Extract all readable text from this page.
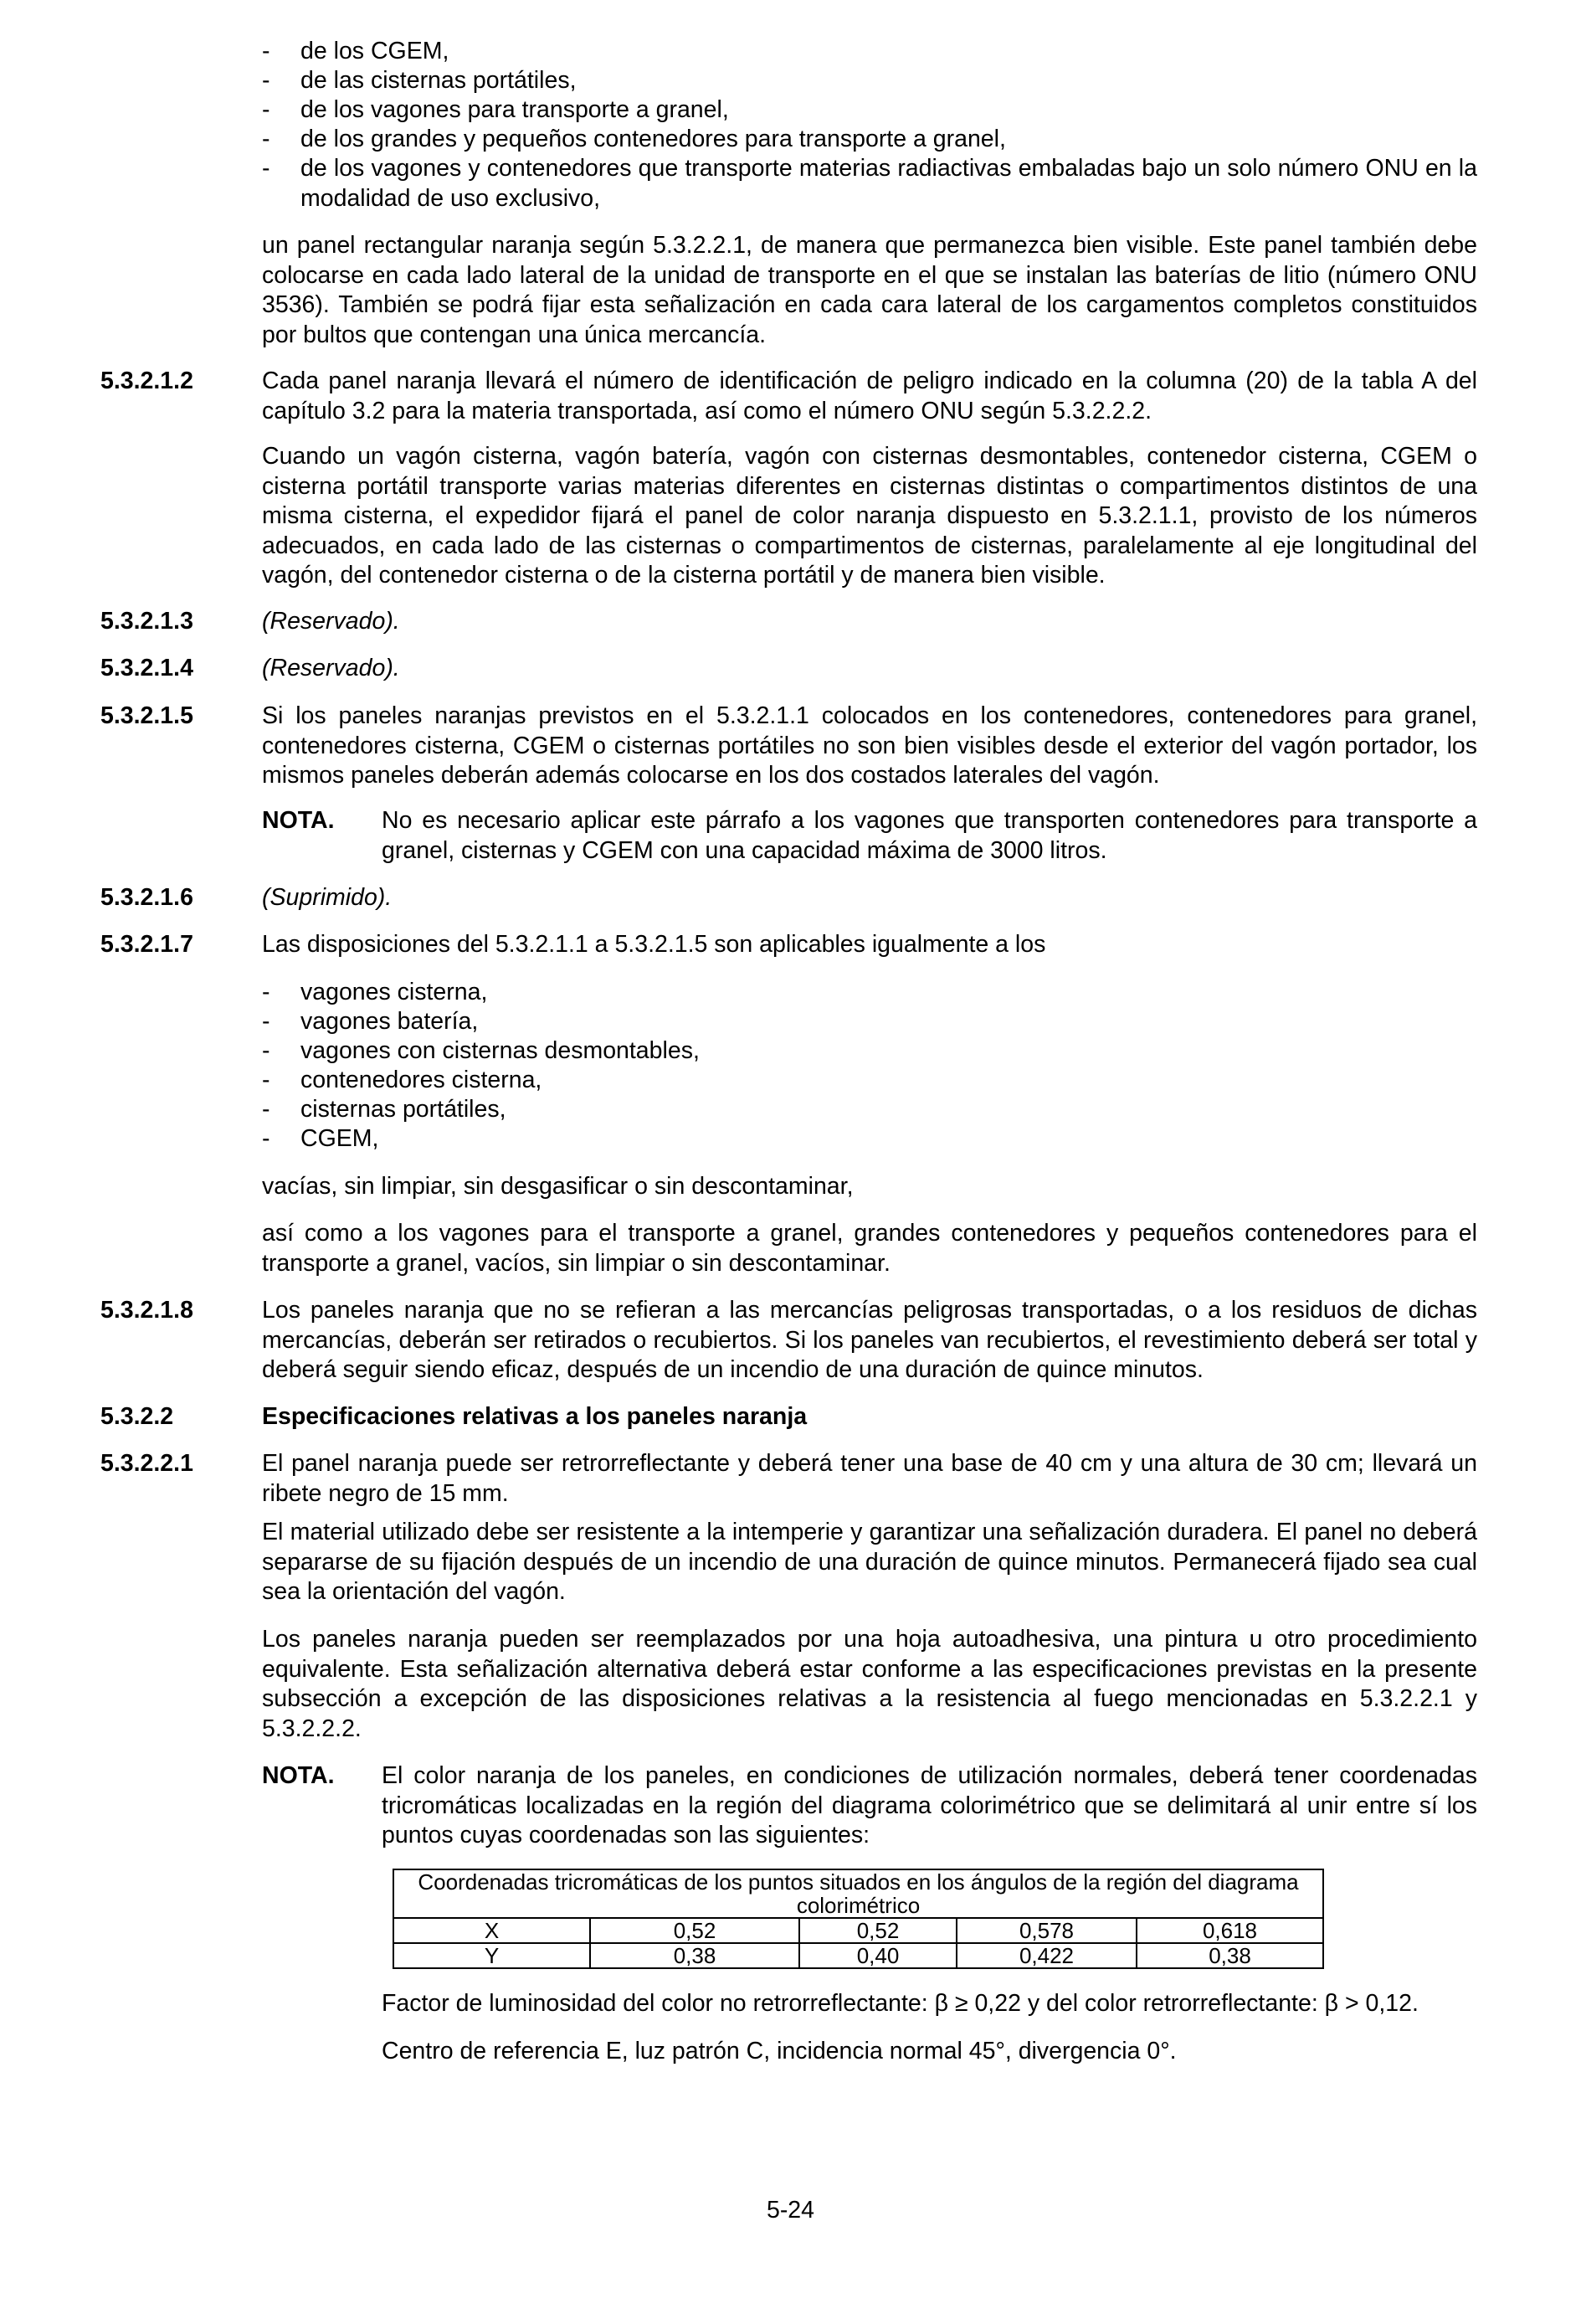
-	de los CGEM,
-	de las cisternas portátiles,
-	de los vagones para transporte a granel,
-	de los grandes y pequeños contenedores para transporte a granel,
-	de los vagones y contenedores que transporte materias radiactivas embaladas bajo un solo número ONU en la modalidad de uso exclusivo,

un panel rectangular naranja según 5.3.2.2.1, de manera que permanezca bien visible. Este panel también debe colocarse en cada lado lateral de la unidad de transporte en el que se instalan las baterías de litio (número ONU 3536). También se podrá fijar esta señalización en cada cara lateral de los cargamentos completos constituidos por bultos que contengan una única mercancía.

5.3.2.1.2	Cada panel naranja llevará el número de identificación de peligro indicado en la columna (20) de la tabla A del capítulo 3.2 para la materia transportada, así como el número ONU según 5.3.2.2.2.

Cuando un vagón cisterna, vagón batería, vagón con cisternas desmontables, contenedor cisterna, CGEM o cisterna portátil transporte varias materias diferentes en cisternas distintas o compartimentos distintos de una misma cisterna, el expedidor fijará el panel de color naranja dispuesto en 5.3.2.1.1, provisto de los números adecuados, en cada lado de las cisternas o compartimentos de cisternas, paralelamente al eje longitudinal del vagón, del contenedor cisterna o de la cisterna portátil y de manera bien visible.

5.3.2.1.3	(Reservado).
5.3.2.1.4	(Reservado).
5.3.2.1.5	Si los paneles naranjas previstos en el 5.3.2.1.1 colocados en los contenedores, contenedores para granel, contenedores cisterna, CGEM o cisternas portátiles no son bien visibles desde el exterior del vagón portador, los mismos paneles deberán además colocarse en los dos costados laterales del vagón.

NOTA. No es necesario aplicar este párrafo a los vagones que transporten contenedores para transporte a granel, cisternas y CGEM con una capacidad máxima de 3000 litros.

5.3.2.1.6	(Suprimido).
5.3.2.1.7	Las disposiciones del 5.3.2.1.1 a 5.3.2.1.5 son aplicables igualmente a los
-	vagones cisterna,
-	vagones batería,
-	vagones con cisternas desmontables,
-	contenedores cisterna,
-	cisternas portátiles,
-	CGEM,
vacías, sin limpiar, sin desgasificar o sin descontaminar,

así como a los vagones para el transporte a granel, grandes contenedores y pequeños contenedores para el transporte a granel, vacíos, sin limpiar o sin descontaminar.

5.3.2.1.8	Los paneles naranja que no se refieran a las mercancías peligrosas transportadas, o a los residuos de dichas mercancías, deberán ser retirados o recubiertos. Si los paneles van recubiertos, el revestimiento deberá ser total y deberá seguir siendo eficaz, después de un incendio de una duración de quince minutos.

5.3.2.2	Especificaciones relativas a los paneles naranja
5.3.2.2.1	El panel naranja puede ser retrorreflectante y deberá tener una base de 40 cm y una altura de 30 cm; llevará un ribete negro de 15 mm.

El material utilizado debe ser resistente a la intemperie y garantizar una señalización duradera. El panel no deberá separarse de su fijación después de un incendio de una duración de quince minutos. Permanecerá fijado sea cual sea la orientación del vagón.

Los paneles naranja pueden ser reemplazados por una hoja autoadhesiva, una pintura u otro procedimiento equivalente. Esta señalización alternativa deberá estar conforme a las especificaciones previstas en la presente subsección a excepción de las disposiciones relativas a la resistencia al fuego mencionadas en 5.3.2.2.1 y 5.3.2.2.2.

NOTA. El color naranja de los paneles, en condiciones de utilización normales, deberá tener coordenadas tricromáticas localizadas en la región del diagrama colorimétrico que se delimitará al unir entre sí los puntos cuyas coordenadas son las siguientes:

Coordenadas tricromáticas de los puntos situados en los ángulos de la región del diagrama colorimétrico				
X	0,52	0,52	0,578	0,618
Y	0,38	0,40	0,422	0,38
Factor de luminosidad del color no retrorreflectante: β ≥ 0,22 y del color retrorreflectante: β > 0,12.
Centro de referencia E, luz patrón C, incidencia normal 45°, divergencia 0°.
5-24
